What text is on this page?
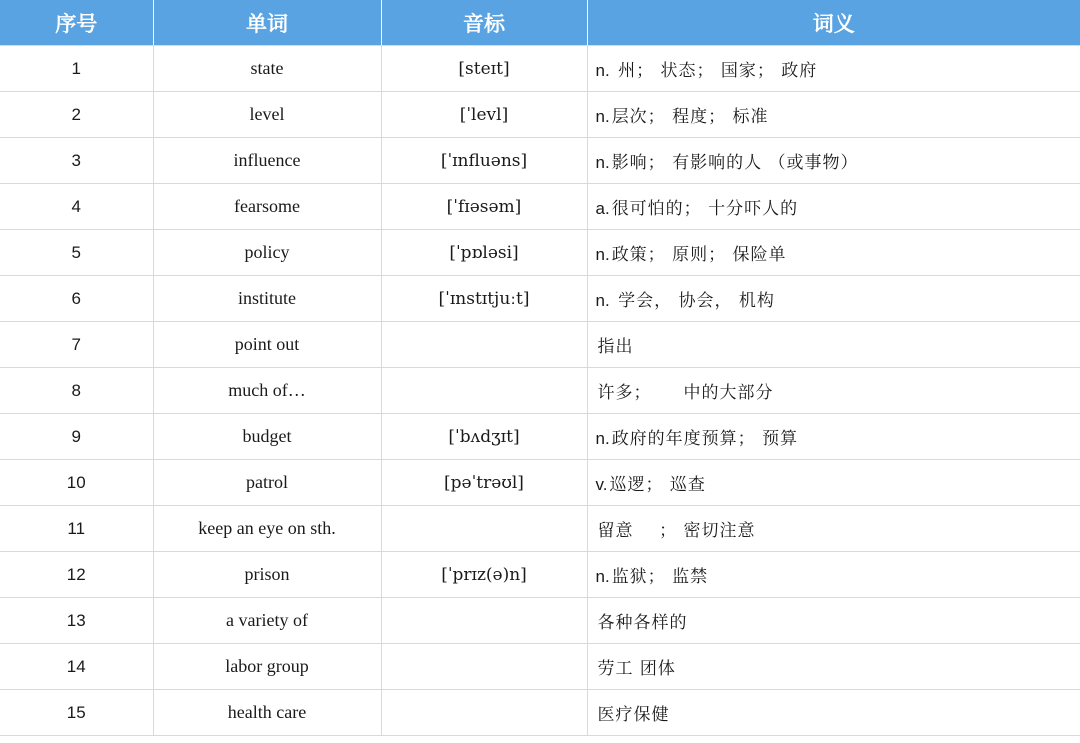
序号	单词	音标	词义
1	state	[steɪt]	n. 州； 状态； 国家； 政府
2	level	[ˈlevl]	n. 层次； 程度； 标准
3	influence	[ˈɪnfluəns]	n. 影响； 有影响的人 （或事物）
4	fearsome	[ˈfɪəsəm]	a. 很可怕的； 十分吓人的
5	policy	[ˈpɒləsi]	n. 政策； 原则； 保险单
6	institute	[ˈɪnstɪtjuːt]	n. 学会， 协会， 机构
7	point out		指出
8	much of…		许多；     中的大部分
9	budget	[ˈbʌdʒɪt]	n. 政府的年度预算； 预算
10	patrol	[pəˈtrəʊl]	v. 巡逻； 巡查
11	keep an eye on sth.		留意    ； 密切注意
12	prison	[ˈprɪz(ə)n]	n. 监狱； 监禁
13	a variety of		各种各样的
14	labor group		劳工 团体
15	health care		医疗保健
